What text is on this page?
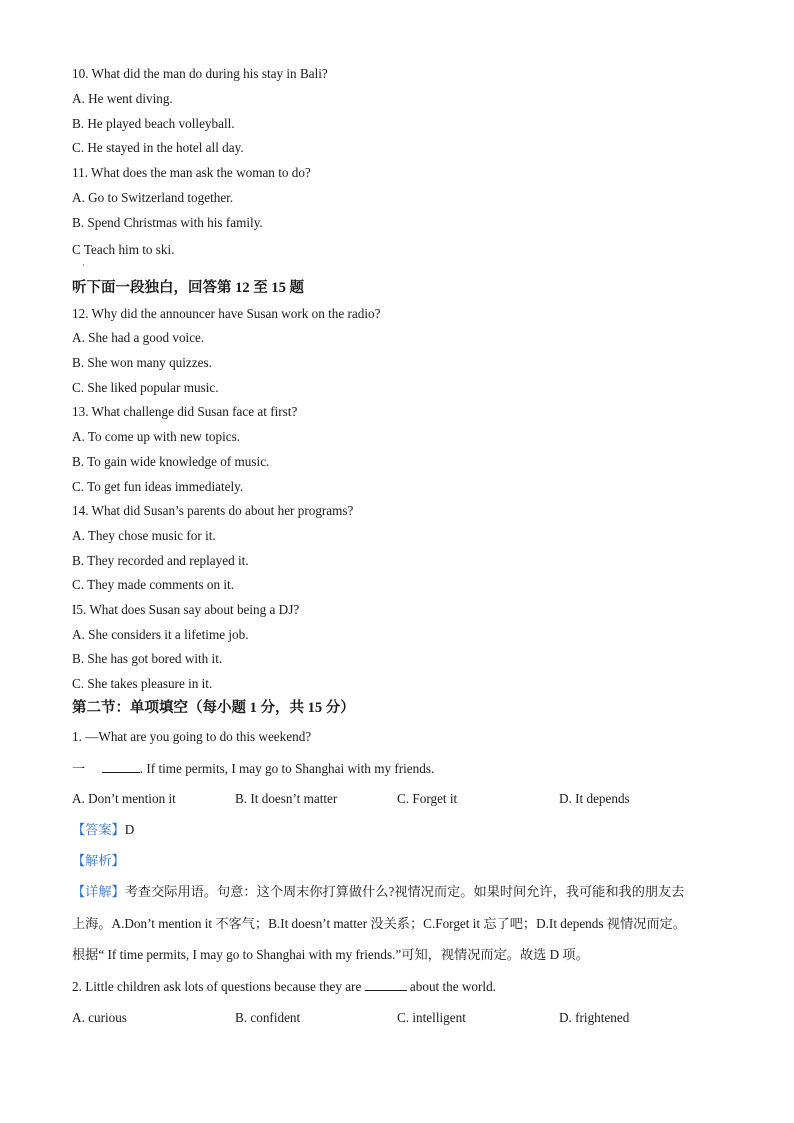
10. What did the man do during his stay in Bali?
A. He went diving.
B. He played beach volleyball.
C. He stayed in the hotel all day.
11. What does the man ask the woman to do?
A. Go to Switzerland together.
B. Spend Christmas with his family.
C Teach him to ski.
·
听下面一段独白，回答第 12 至 15 题
12. Why did the announcer have Susan work on the radio?
A. She had a good voice.
B. She won many quizzes.
C. She liked popular music.
13. What challenge did Susan face at first?
A. To come up with new topics.
B. To gain wide knowledge of music.
C. To get fun ideas immediately.
14. What did Susan’s parents do about her programs?
A. They chose music for it.
B. They recorded and replayed it.
C. They made comments on it.
I5. What does Susan say about being a DJ?
A. She considers it a lifetime job.
B. She has got bored with it.
C. She takes pleasure in it.
第二节：单项填空（每小题 1 分，共 15 分）
1. —What are you going to do this weekend?
一	. If time permits, I may go to Shanghai with my friends.
A. Don’t mention it	B. It doesn’t matter	C. Forget it	D. It depends
【答案】D
【解析】
【详解】考查交际用语。句意：这个周末你打算做什么?视情况而定。如果时间允许，我可能和我的朋友去
上海。A.Don’t mention it 不客气；B.It doesn’t matter 没关系；C.Forget it 忘了吧；D.It depends 视情况而定。
根据“ If time permits, I may go to Shanghai with my friends.”可知，视情况而定。故选 D 项。
2. Little children ask lots of questions because they are	about the world.
A. curious	B. confident	C. intelligent	D. frightened
